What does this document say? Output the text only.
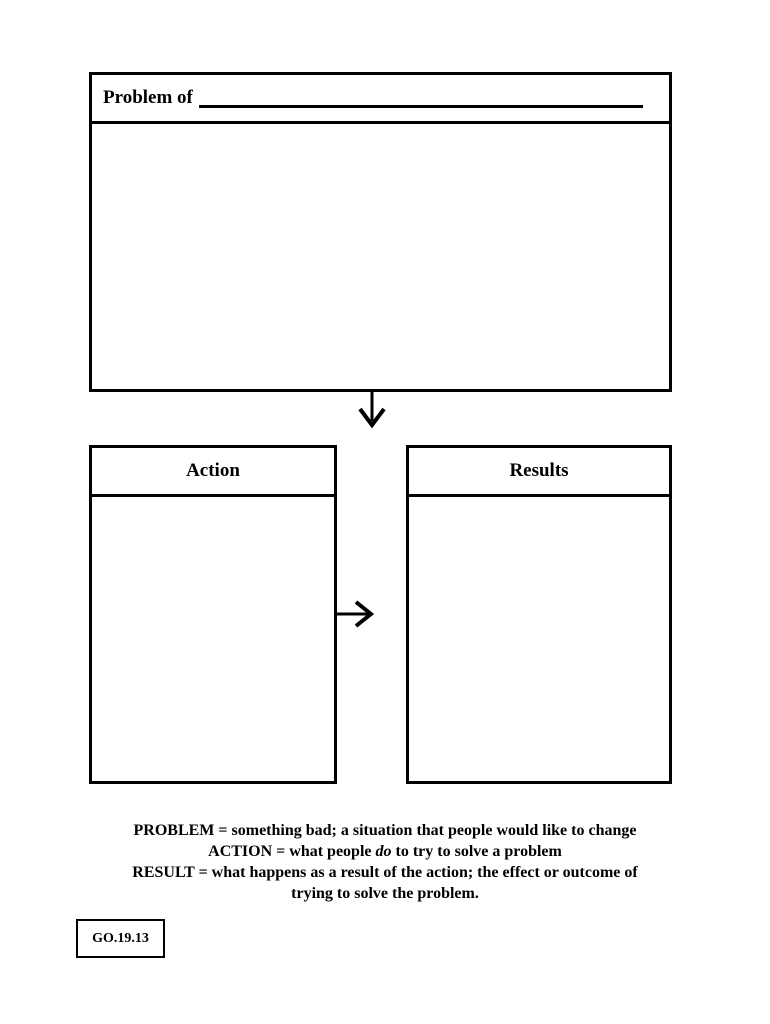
Problem of
Action	Results

PROBLEM = something bad; a situation that people would like to change

ACTION = what people do to try to solve a problem

RESULT = what happens as a result of the action; the effect or outcome of

trying to solve the problem.

GO.19.13
